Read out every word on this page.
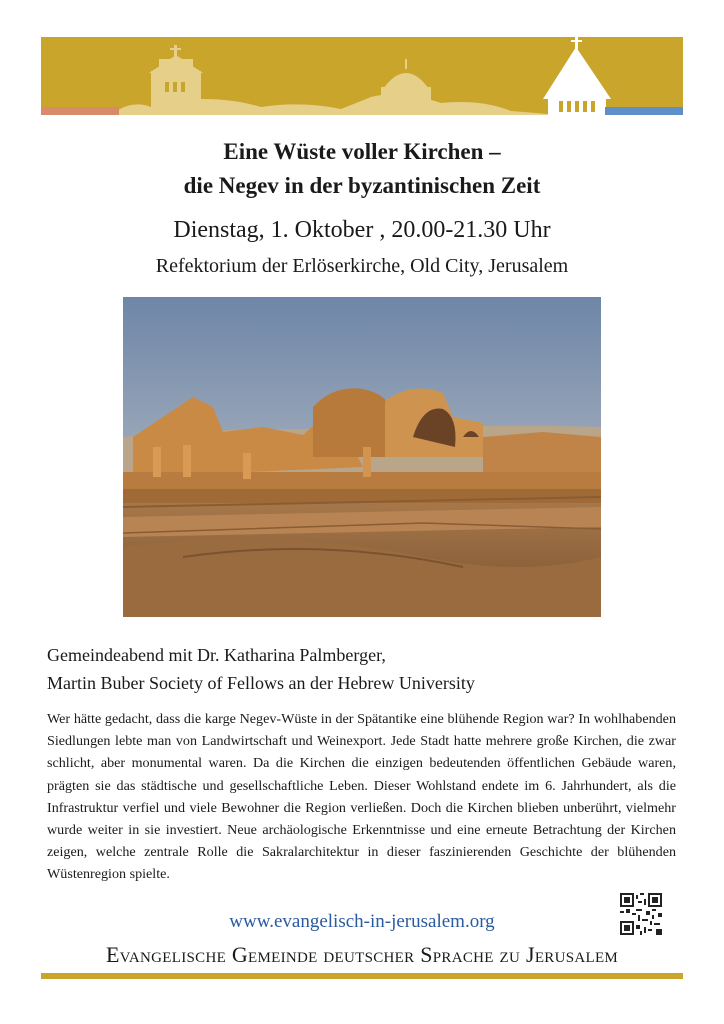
Eine Wüste voller Kirchen –
die Negev in der byzantinischen Zeit
Dienstag, 1. Oktober , 20.00-21.30 Uhr
Refektorium der Erlöserkirche, Old City, Jerusalem
Gemeindeabend mit Dr. Katharina Palmberger,
Martin Buber Society of Fellows an der Hebrew University
Wer hätte gedacht, dass die karge Negev-Wüste in der Spätantike eine blühende Region war? In wohlhabenden Siedlungen lebte man von Landwirtschaft und Weinexport. Jede Stadt hatte mehrere große Kirchen, die zwar schlicht, aber monumental waren. Da die Kirchen die einzigen bedeutenden öffentlichen Gebäude waren, prägten sie das städtische und gesellschaftliche Leben. Dieser Wohlstand endete im 6. Jahrhundert, als die Infrastruktur verfiel und viele Bewohner die Region verließen. Doch die Kirchen blieben unberührt, vielmehr wurde weiter in sie investiert. Neue archäologische Erkenntnisse und eine erneute Betrachtung der Kirchen zeigen, welche zentrale Rolle die Sakralarchitektur in dieser faszinierenden Geschichte der blühenden Wüstenregion spielte.
www.evangelisch-in-jerusalem.org
Evangelische Gemeinde deutscher Sprache zu Jerusalem
